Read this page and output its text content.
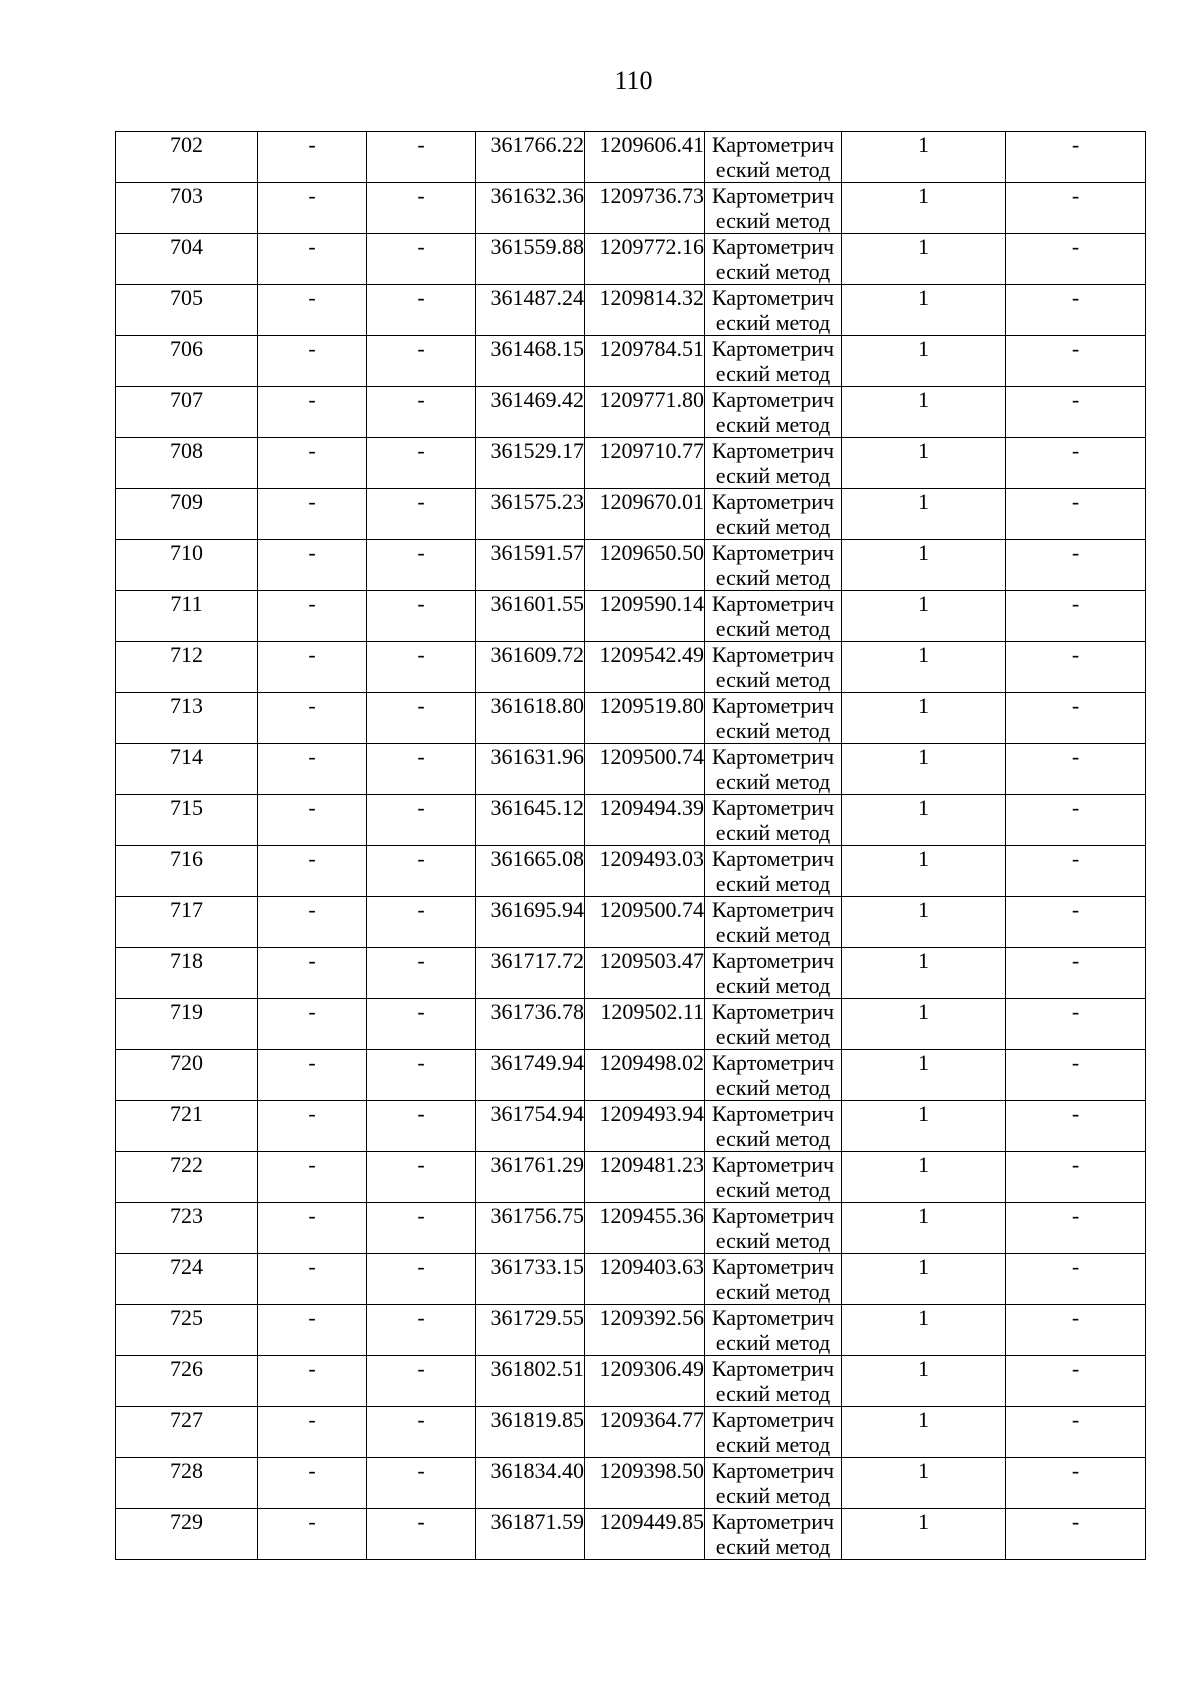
110
702	-	-	361766.22	1209606.41	Картометрич
еский метод	1	-
703	-	-	361632.36	1209736.73	Картометрич
еский метод	1	-
704	-	-	361559.88	1209772.16	Картометрич
еский метод	1	-
705	-	-	361487.24	1209814.32	Картометрич
еский метод	1	-
706	-	-	361468.15	1209784.51	Картометрич
еский метод	1	-
707	-	-	361469.42	1209771.80	Картометрич
еский метод	1	-
708	-	-	361529.17	1209710.77	Картометрич
еский метод	1	-
709	-	-	361575.23	1209670.01	Картометрич
еский метод	1	-
710	-	-	361591.57	1209650.50	Картометрич
еский метод	1	-
711	-	-	361601.55	1209590.14	Картометрич
еский метод	1	-
712	-	-	361609.72	1209542.49	Картометрич
еский метод	1	-
713	-	-	361618.80	1209519.80	Картометрич
еский метод	1	-
714	-	-	361631.96	1209500.74	Картометрич
еский метод	1	-
715	-	-	361645.12	1209494.39	Картометрич
еский метод	1	-
716	-	-	361665.08	1209493.03	Картометрич
еский метод	1	-
717	-	-	361695.94	1209500.74	Картометрич
еский метод	1	-
718	-	-	361717.72	1209503.47	Картометрич
еский метод	1	-
719	-	-	361736.78	1209502.11	Картометрич
еский метод	1	-
720	-	-	361749.94	1209498.02	Картометрич
еский метод	1	-
721	-	-	361754.94	1209493.94	Картометрич
еский метод	1	-
722	-	-	361761.29	1209481.23	Картометрич
еский метод	1	-
723	-	-	361756.75	1209455.36	Картометрич
еский метод	1	-
724	-	-	361733.15	1209403.63	Картометрич
еский метод	1	-
725	-	-	361729.55	1209392.56	Картометрич
еский метод	1	-
726	-	-	361802.51	1209306.49	Картометрич
еский метод	1	-
727	-	-	361819.85	1209364.77	Картометрич
еский метод	1	-
728	-	-	361834.40	1209398.50	Картометрич
еский метод	1	-
729	-	-	361871.59	1209449.85	Картометрич
еский метод	1	-
